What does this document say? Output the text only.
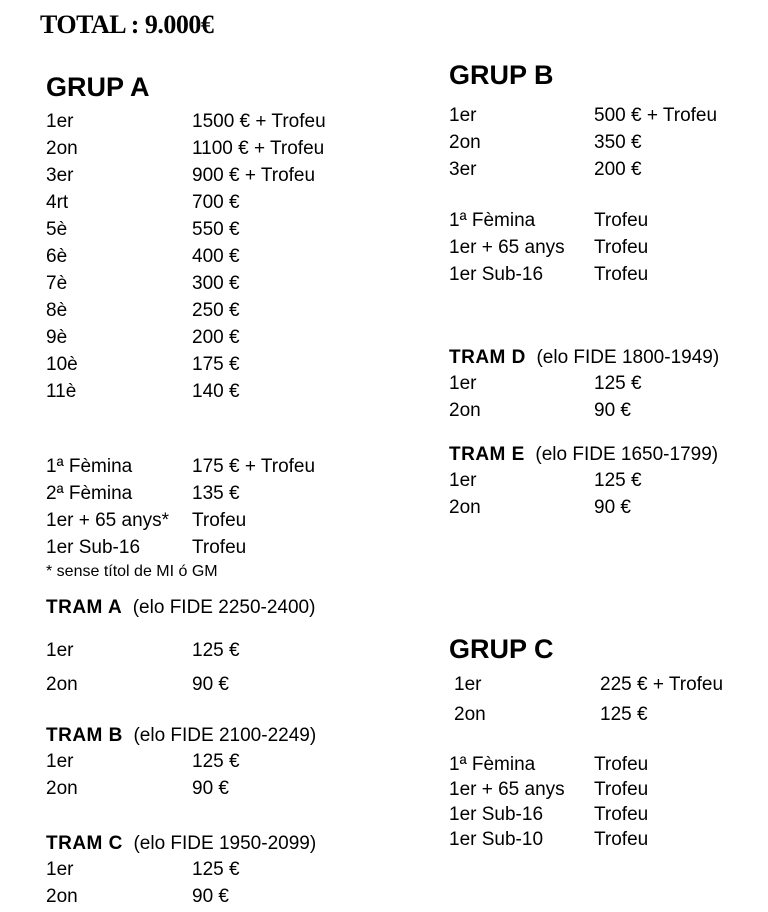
TOTAL : 9.000€
GRUP A
1er	1500 € + Trofeu
2on	1100 € + Trofeu
3er	900 € + Trofeu
4rt	700 €
5è	550 €
6è	400 €
7è	300 €
8è	250 €
9è	200 €
10è	175 €
11è	140 €
1ª Fèmina	175 € + Trofeu
2ª Fèmina	135 €
1er + 65 anys* Trofeu
1er Sub-16	Trofeu
* sense títol de MI ó GM
TRAM A (elo FIDE 2250-2400)
1er	125 €
2on	90 €
TRAM B (elo FIDE 2100-2249)
1er	125 €
2on	90 €
TRAM C (elo FIDE 1950-2099)
1er	125 €
2on	90 €
GRUP B
1er	500 € + Trofeu
2on	350 €
3er	200 €
1ª Fèmina	Trofeu
1er + 65 anys Trofeu
1er Sub-16	Trofeu
TRAM D (elo FIDE 1800-1949)
1er	125 €
2on	90 €
TRAM E (elo FIDE 1650-1799)
1er	125 €
2on	90 €
GRUP C
1er	225 € + Trofeu
2on	125 €
1ª Fèmina	Trofeu
1er + 65 anys Trofeu
1er Sub-16	Trofeu
1er Sub-10	Trofeu
